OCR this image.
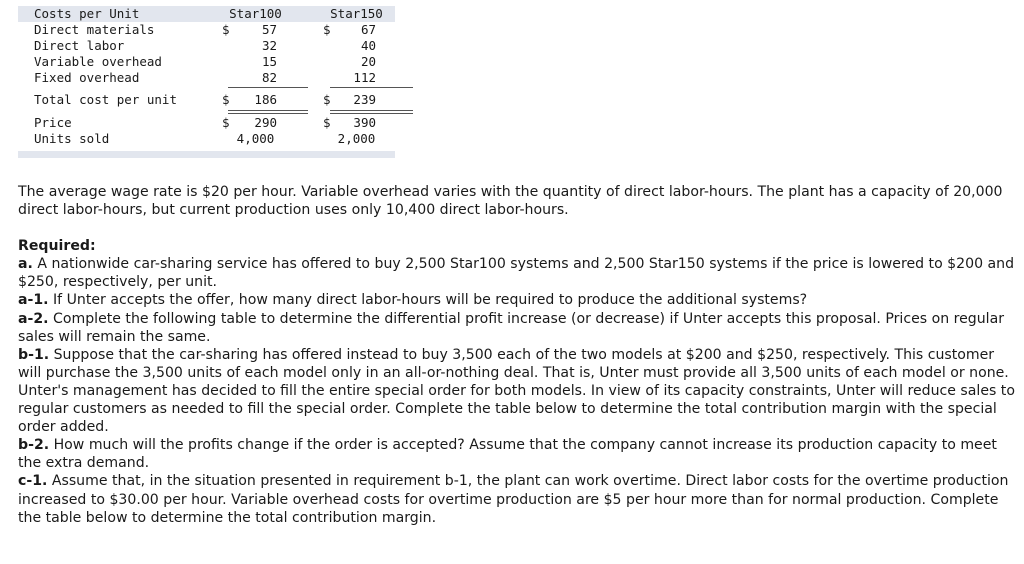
Costs per Unit	Star100	Star150
Direct materials	$	57	$	67
Direct labor	32	40
Variable overhead	15	20
Fixed overhead	82	112
Total cost per unit	$	186	$	239
Price	$	290	$	390
Units sold	4,000	2,000

The average wage rate is $20 per hour. Variable overhead varies with the quantity of direct labor-hours. The plant has a capacity of 20,000 direct labor-hours, but current production uses only 10,400 direct labor-hours.

Required:

a. A nationwide car-sharing service has offered to buy 2,500 Star100 systems and 2,500 Star150 systems if the price is lowered to $200 and $250, respectively, per unit.

a-1. If Unter accepts the offer, how many direct labor-hours will be required to produce the additional systems?

a-2. Complete the following table to determine the differential profit increase (or decrease) if Unter accepts this proposal. Prices on regular sales will remain the same.

b-1. Suppose that the car-sharing has offered instead to buy 3,500 each of the two models at $200 and $250, respectively. This customer will purchase the 3,500 units of each model only in an all-or-nothing deal. That is, Unter must provide all 3,500 units of each model or none. Unter's management has decided to fill the entire special order for both models. In view of its capacity constraints, Unter will reduce sales to regular customers as needed to fill the special order. Complete the table below to determine the total contribution margin with the special order added.

b-2. How much will the profits change if the order is accepted? Assume that the company cannot increase its production capacity to meet the extra demand.

c-1. Assume that, in the situation presented in requirement b-1, the plant can work overtime. Direct labor costs for the overtime production increased to $30.00 per hour. Variable overhead costs for overtime production are $5 per hour more than for normal production. Complete the table below to determine the total contribution margin.
